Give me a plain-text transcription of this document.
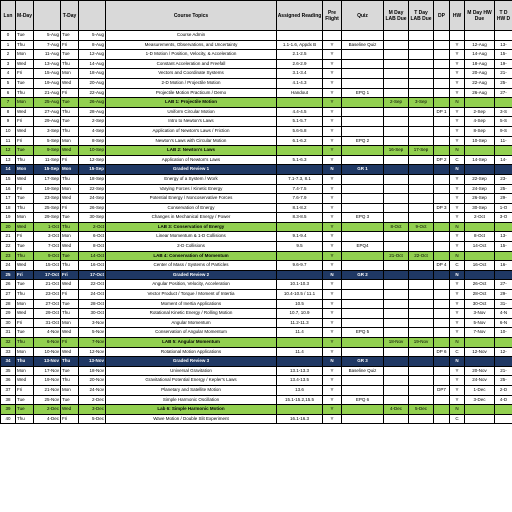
Lsn	M-Day		T-Day		Course Topics	Assigned Reading	Pre Flight	Quiz	M Day LAB Due	T Day LAB Due	DP	HW	M Day HW Due	T D HW D
0	Tue	5-Aug	Tue	5-Aug	Course Admin									
1	Thu	7-Aug	Fri	8-Aug	Measurements, Observations, and Uncertainty	1.1-1.6, Appdx B	Y	Baseline Quiz				Y	12-Aug	13-
2	Mon	11-Aug	Tue	12-Aug	1-D Motion / Position, Velocity, & Acceleration	2.1-2.5	Y					Y	14-Aug	15-
3	Wed	13-Aug	Thu	14-Aug	Constant Acceleration and Freefall	2.6-2.9	Y					Y	18-Aug	19-
4	Fri	15-Aug	Mon	18-Aug	Vectors and Coordinate Systems	3.1-3.4	Y					Y	20-Aug	21-
5	Tue	19-Aug	Wed	20-Aug	2-D Motion / Projectile Motion	4.1-4.3	Y					Y	22-Aug	25-
6	Thu	21-Aug	Fri	22-Aug	Projectile Motion Practicum / Demo	Handout	Y	EPQ 1				Y	26-Aug	27-
7	Mon	25-Aug	Tue	26-Aug	LAB 1: Projectile Motion		Y		2-Sep	3-Sep		N		
8	Wed	27-Aug	Thu	28-Aug	Uniform Circular Motion	4.4-4.5	Y				DP 1	Y	2-Sep	3-S
9	Fri	29-Aug	Tue	2-Sep	Intro to Newton's Laws	5.1-5.7	Y					Y	4-Sep	5-S
10	Wed	3-Sep	Thu	4-Sep	Application of Newton's Laws / Friction	5.6-5.8	Y					Y	8-Sep	9-S
11	Fri	5-Sep	Mon	8-Sep	Newton's Laws with Circular Motion	6.1-6.2	Y	EPQ 2				Y	10-Sep	11-
12	Tue	9-Sep	Wed	10-Sep	LAB 2: Newton's Laws		Y		16-Sep	17-Sep		N		
13	Thu	11-Sep	Fri	12-Sep	Application of Newton's Laws	5.1-6.3	Y				DP 2	C	14-Sep	14-
14	Mon	15-Sep	Mon	15-Sep	Graded Review 1		N	GR 1				N		
15	Wed	17-Sep	Thu	18-Sep	Energy of a System / Work	7.1-7.3, 8.1	Y					Y	22-Sep	23-
16	Fri	19-Sep	Mon	22-Sep	Varying Forces / Kinetic Energy	7.4-7.5	Y					Y	24-Sep	25-
17	Tue	23-Sep	Wed	24-Sep	Potential Energy / Noncoservative Forces	7.6-7.9	Y					Y	26-Sep	29-
18	Thu	25-Sep	Fri	26-Sep	Conservation of Energy	8.1-8.2	Y				DP 3	Y	30-Sep	1-O
19	Mon	29-Sep	Tue	30-Sep	Changes in Mechanical Energy / Power	8.3-8.5	Y	EPQ 3				Y	2-Oct	3-O
20	Wed	1-Oct	Thu	2-Oct	LAB 3: Conservation of Energy		Y		8-Oct	9-Oct		N		
21	Fri	3-Oct	Mon	6-Oct	Linear Momentum & 1-D Collisions	9.1-9.4	Y					Y	8-Oct	13-
22	Tue	7-Oct	Wed	8-Oct	2-D Collisions	9.5	Y	EPQ4				Y	14-Oct	15-
23	Thu	9-Oct	Tue	14-Oct	LAB 4: Conservation of Momentum		Y		21-Oct	22-Oct		N		
24	Wed	15-Oct	Thu	16-Oct	Center of Mass / Systems of Particles	9.6-9.7	Y				DP 4	C	16-Oct	16-
25	Fri	17-Oct	Fri	17-Oct	Graded Review 2		N	GR 2				N		
26	Tue	21-Oct	Wed	22-Oct	Angular Position, Velocity, Acceleration	10.1-10.3	Y					Y	26-Oct	27-
27	Thu	23-Oct	Fri	24-Oct	Vector Product / Torque / Moment of Intertia	10.4-10.5 / 11.1	Y					Y	28-Oct	29-
28	Mon	27-Oct	Tue	28-Oct	Moment of Inertia Applications	10.5	Y					Y	30-Oct	31-
29	Wed	29-Oct	Thu	30-Oct	Rotational Kinetic Energy / Rolling Motion	10.7, 10.9	Y					Y	3-Nov	4-N
30	Fri	31-Oct	Mon	3-Nov	Angular Momentum	11.2-11.3	Y					Y	5-Nov	6-N
31	Tue	4-Nov	Wed	5-Nov	Conservation of Angular Momentum	11.4	Y	EPQ 5				Y	7-Nov	10-
32	Thu	6-Nov	Fri	7-Nov	LAB 5: Angular Momentum		Y		18-Nov	19-Nov		N		
33	Mon	10-Nov	Wed	12-Nov	Rotational Motion Applications	11.4	Y				DP 6	C	12-Nov	12-
34	Thu	13-Nov	Thu	13-Nov	Graded Review 3		N	GR 3				N		
35	Mon	17-Nov	Tue	18-Nov	Universal Gravitation	13.1-13.3	Y	Baseline Quiz				Y	20-Nov	21-
36	Wed	19-Nov	Thu	20-Nov	Gravitational Potential Energy / Kepler's Laws	13.4-13.5	Y					Y	24-Nov	25-
37	Fri	21-Nov	Mon	24-Nov	Planetary and Satellite Motion	13.6	Y				DP7	Y	1-Dec	2-D
38	Tue	25-Nov	Tue	2-Dec	Simple Harmonic Oscillation	15.1-15.2,15.5	Y	EPQ 6				Y	3-Dec	4-D
39	Tue	2-Dec	Wed	3-Dec	Lab 6: Simple Harmonic Motion		Y		4-Dec	5-Dec		N		
40	Thu	4-Dec	Fri	5-Dec	Wave Motion / Double Slit Experiment	16.1-16.3	Y					C		
